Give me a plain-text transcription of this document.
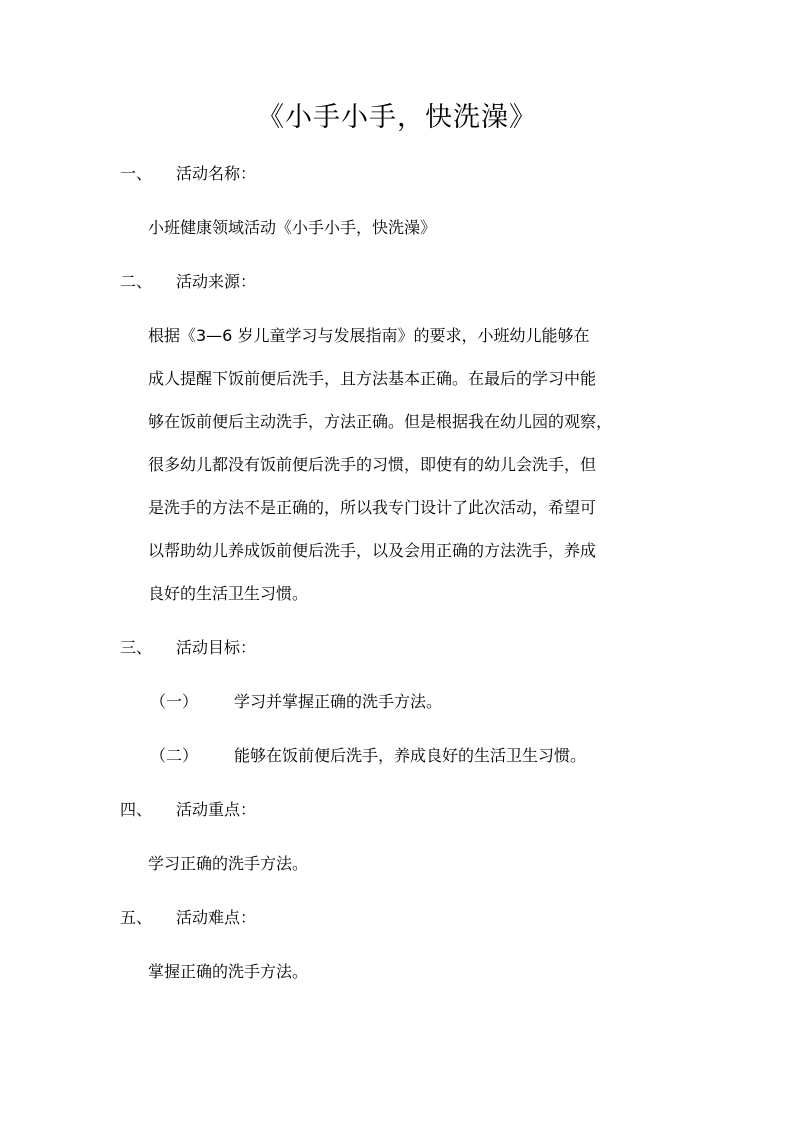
《小手小手，快洗澡》
一、 活动名称：
小班健康领域活动《小手小手，快洗澡》
二、 活动来源：
根据《3—6 岁儿童学习与发展指南》的要求，小班幼儿能够在
成人提醒下饭前便后洗手，且方法基本正确。在最后的学习中能
够在饭前便后主动洗手，方法正确。但是根据我在幼儿园的观察，
很多幼儿都没有饭前便后洗手的习惯，即使有的幼儿会洗手，但
是洗手的方法不是正确的，所以我专门设计了此次活动，希望可
以帮助幼儿养成饭前便后洗手，以及会用正确的方法洗手，养成
良好的生活卫生习惯。
三、 活动目标：
（一） 学习并掌握正确的洗手方法。
（二） 能够在饭前便后洗手，养成良好的生活卫生习惯。
四、 活动重点：
学习正确的洗手方法。
五、 活动难点：
掌握正确的洗手方法。
